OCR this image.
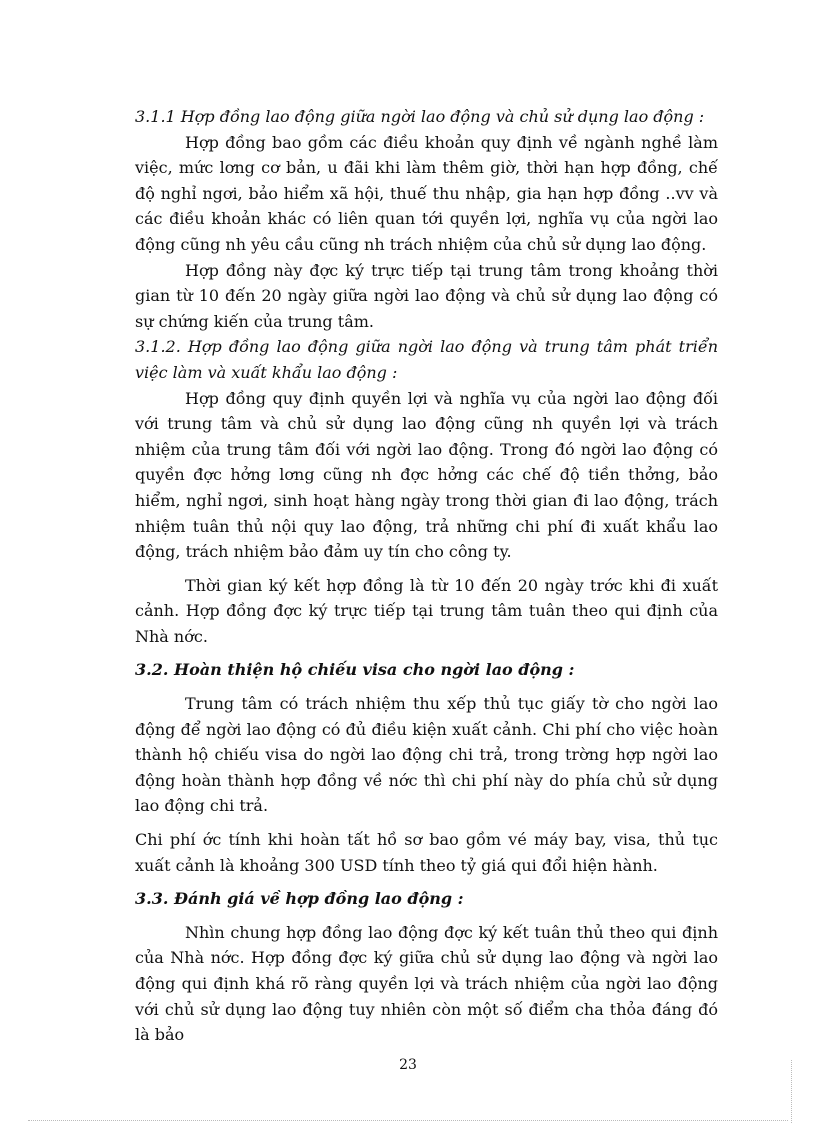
3.1.1 Hợp đồng lao động giữa ngời lao động và chủ sử dụng lao động :

Hợp đồng bao gồm các điều khoản quy định về ngành nghề làm việc, mức lơng cơ bản, u đãi khi làm thêm giờ, thời hạn hợp đồng, chế độ nghỉ ngơi, bảo hiểm xã hội, thuế thu nhập, gia hạn hợp đồng ..vv và các điều khoản khác có liên quan tới quyền lợi, nghĩa vụ của ngời lao động cũng nh yêu cầu cũng nh trách nhiệm của chủ sử dụng lao động.

Hợp đồng này đợc ký trực tiếp tại trung tâm trong khoảng thời gian từ 10 đến 20 ngày giữa ngời lao động và chủ sử dụng lao động có sự chứng kiến của trung tâm.

3.1.2. Hợp đồng lao động giữa ngời lao động và trung tâm phát triển việc làm và xuất khẩu lao động :

Hợp đồng quy định quyền lợi và nghĩa vụ của ngời lao động đối với trung tâm và chủ sử dụng lao động cũng nh quyền lợi và trách nhiệm của trung tâm đối với ngời lao động. Trong đó ngời lao động có quyền đợc hởng lơng cũng nh đợc hởng các chế độ tiền thởng, bảo hiểm, nghỉ ngơi, sinh hoạt hàng ngày trong thời gian đi lao động, trách nhiệm tuân thủ nội quy lao động, trả những chi phí đi xuất khẩu lao động, trách nhiệm bảo đảm uy tín cho công ty.

Thời gian ký kết hợp đồng là từ 10 đến 20 ngày trớc khi đi xuất cảnh. Hợp đồng đợc ký trực tiếp tại trung tâm tuân theo qui định của Nhà nớc.

3.2. Hoàn thiện hộ chiếu visa cho ngời lao động :

Trung tâm có trách nhiệm thu xếp thủ tục giấy tờ cho ngời lao động để ngời lao động có đủ điều kiện xuất cảnh. Chi phí cho việc hoàn thành hộ chiếu visa do ngời lao động chi trả, trong trờng hợp ngời lao động hoàn thành hợp đồng về nớc thì chi phí này do phía chủ sử dụng lao động chi trả.

Chi phí ớc tính khi hoàn tất hồ sơ bao gồm vé máy bay, visa, thủ tục xuất cảnh là khoảng 300 USD tính theo tỷ giá qui đổi hiện hành.

3.3. Đánh giá về hợp đồng lao động :

Nhìn chung hợp đồng lao động đợc ký kết tuân thủ theo qui định của Nhà nớc. Hợp đồng đợc ký giữa chủ sử dụng lao động và ngời lao động qui định khá rõ ràng quyền lợi và trách nhiệm của ngời lao động với chủ sử dụng lao động tuy nhiên còn một số điểm cha thỏa đáng đó là bảo

23
